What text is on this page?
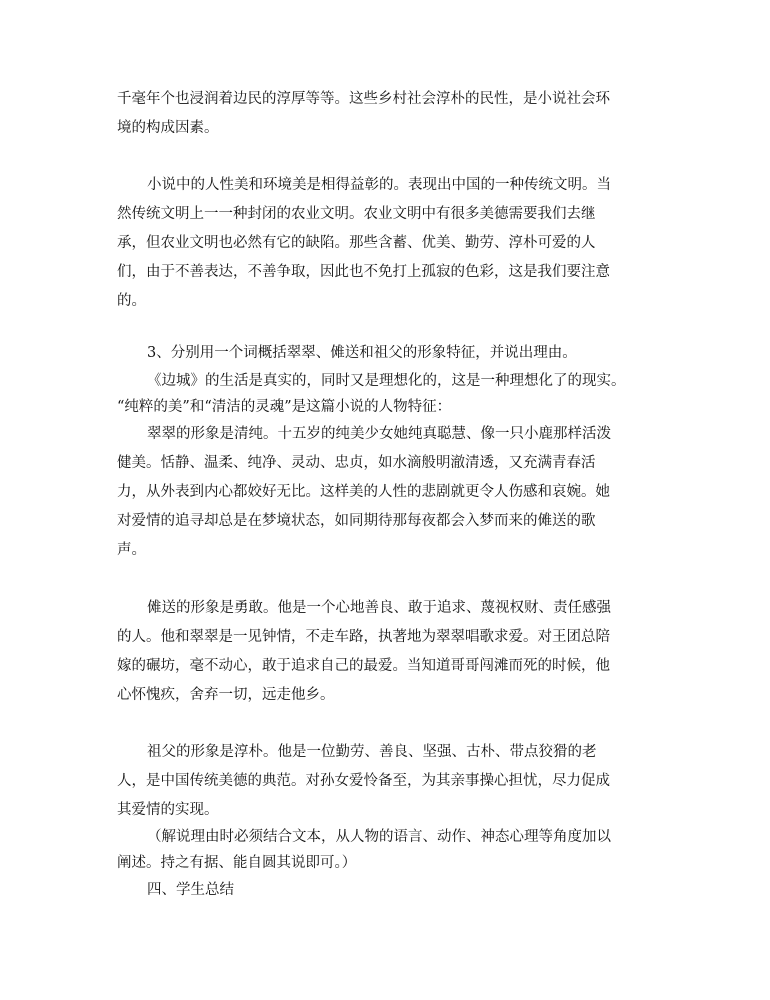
千毫年个也浸润着边民的淳厚等等。这些乡村社会淳朴的民性，是小说社会环
境的构成因素。
小说中的人性美和环境美是相得益彰的。表现出中国的一种传统文明。当
然传统文明上一一种封闭的农业文明。农业文明中有很多美德需要我们去继
承，但农业文明也必然有它的缺陷。那些含蓄、优美、勤劳、淳朴可爱的人
们，由于不善表达，不善争取，因此也不免打上孤寂的色彩，这是我们要注意
的。
3、分别用一个词概括翠翠、傩送和祖父的形象特征，并说出理由。
《边城》的生活是真实的，同时又是理想化的，这是一种理想化了的现实。
“纯粹的美”和“清洁的灵魂”是这篇小说的人物特征：
翠翠的形象是清纯。十五岁的纯美少女她纯真聪慧、像一只小鹿那样活泼
健美。恬静、温柔、纯净、灵动、忠贞，如水滴般明澈清透，又充满青春活
力，从外表到内心都姣好无比。这样美的人性的悲剧就更令人伤感和哀婉。她
对爱情的追寻却总是在梦境状态，如同期待那每夜都会入梦而来的傩送的歌
声。
傩送的形象是勇敢。他是一个心地善良、敢于追求、蔑视权财、责任感强
的人。他和翠翠是一见钟情，不走车路，执著地为翠翠唱歌求爱。对王团总陪
嫁的碾坊，毫不动心，敢于追求自己的最爱。当知道哥哥闯滩而死的时候，他
心怀愧疚，舍弃一切，远走他乡。
祖父的形象是淳朴。他是一位勤劳、善良、坚强、古朴、带点狡猾的老
人，是中国传统美德的典范。对孙女爱怜备至，为其亲事操心担忧，尽力促成
其爱情的实现。
（解说理由时必须结合文本，从人物的语言、动作、神态心理等角度加以
阐述。持之有据、能自圆其说即可。）
四、学生总结
